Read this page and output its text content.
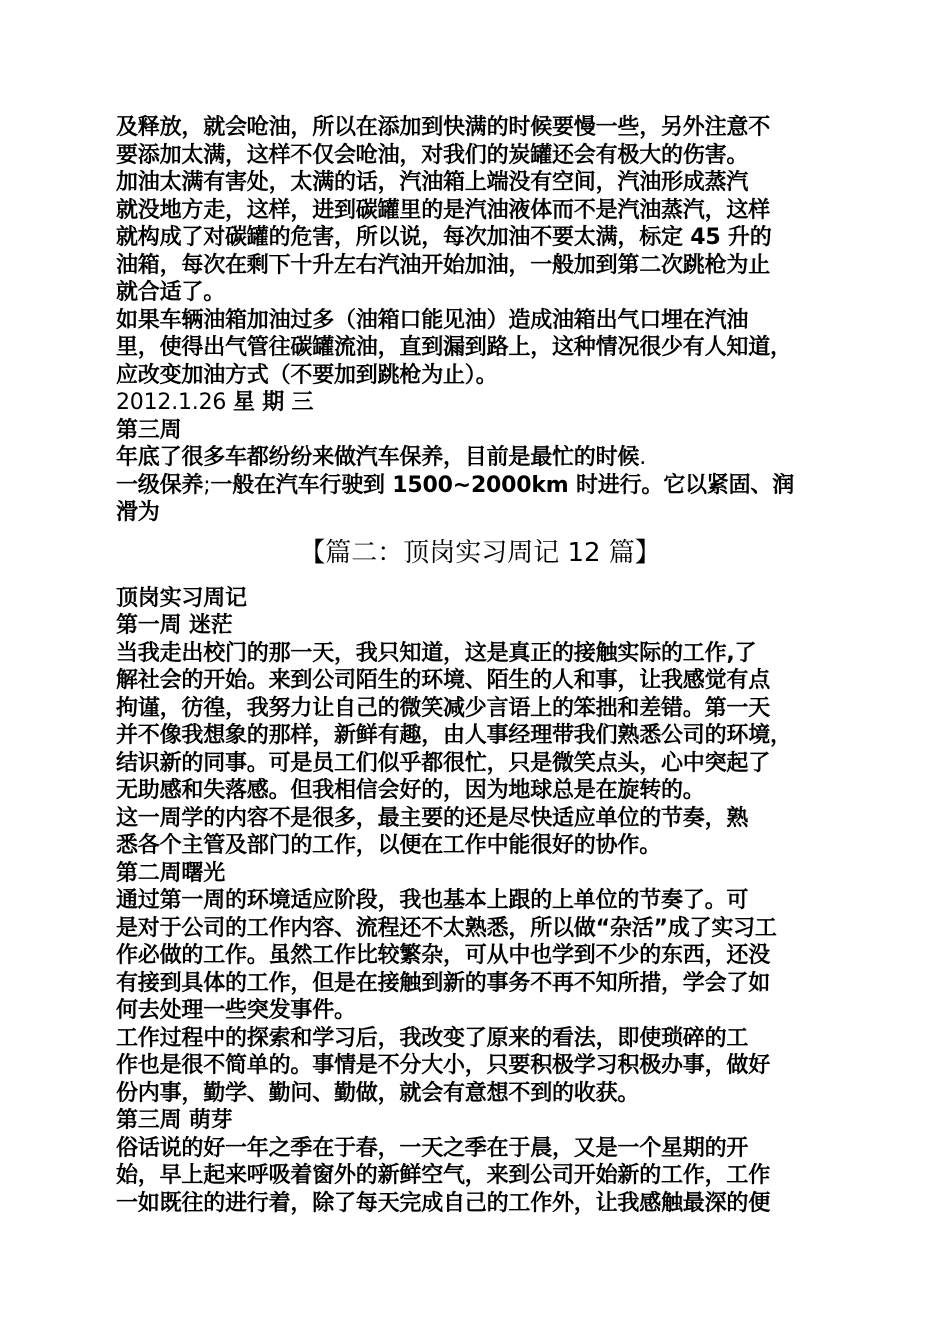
及释放，就会呛油，所以在添加到快满的时候要慢一些，另外注意不
要添加太满，这样不仅会呛油，对我们的炭罐还会有极大的伤害。
加油太满有害处，太满的话，汽油箱上端没有空间，汽油形成蒸汽
就没地方走，这样，进到碳罐里的是汽油液体而不是汽油蒸汽，这样
就构成了对碳罐的危害，所以说，每次加油不要太满，标定 45 升的
油箱，每次在剩下十升左右汽油开始加油，一般加到第二次跳枪为止
就合适了。
如果车辆油箱加油过多（油箱口能见油）造成油箱出气口埋在汽油
里，使得出气管往碳罐流油，直到漏到路上，这种情况很少有人知道，
应改变加油方式（不要加到跳枪为止）。
2012.1.26 星 期 三
第三周
年底了很多车都纷纷来做汽车保养，目前是最忙的时候.
一级保养;一般在汽车行驶到 1500~2000km 时进行。它以紧固、润
滑为
【篇二：顶岗实习周记 12 篇】
顶岗实习周记
第一周 迷茫
当我走出校门的那一天，我只知道，这是真正的接触实际的工作,了
解社会的开始。来到公司陌生的环境、陌生的人和事，让我感觉有点
拘谨，彷徨，我努力让自己的微笑减少言语上的笨拙和差错。第一天
并不像我想象的那样，新鲜有趣，由人事经理带我们熟悉公司的环境，
结识新的同事。可是员工们似乎都很忙，只是微笑点头，心中突起了
无助感和失落感。但我相信会好的，因为地球总是在旋转的。
这一周学的内容不是很多，最主要的还是尽快适应单位的节奏，熟
悉各个主管及部门的工作，以便在工作中能很好的协作。
第二周曙光
通过第一周的环境适应阶段，我也基本上跟的上单位的节奏了。可
是对于公司的工作内容、流程还不太熟悉，所以做“杂活”成了实习工
作必做的工作。虽然工作比较繁杂，可从中也学到不少的东西，还没
有接到具体的工作，但是在接触到新的事务不再不知所措，学会了如
何去处理一些突发事件。
工作过程中的探索和学习后，我改变了原来的看法，即使琐碎的工
作也是很不简单的。事情是不分大小，只要积极学习积极办事，做好
份内事，勤学、勤问、勤做，就会有意想不到的收获。
第三周 萌芽
俗话说的好一年之季在于春，一天之季在于晨，又是一个星期的开
始，早上起来呼吸着窗外的新鲜空气，来到公司开始新的工作，工作
一如既往的进行着，除了每天完成自己的工作外，让我感触最深的便
